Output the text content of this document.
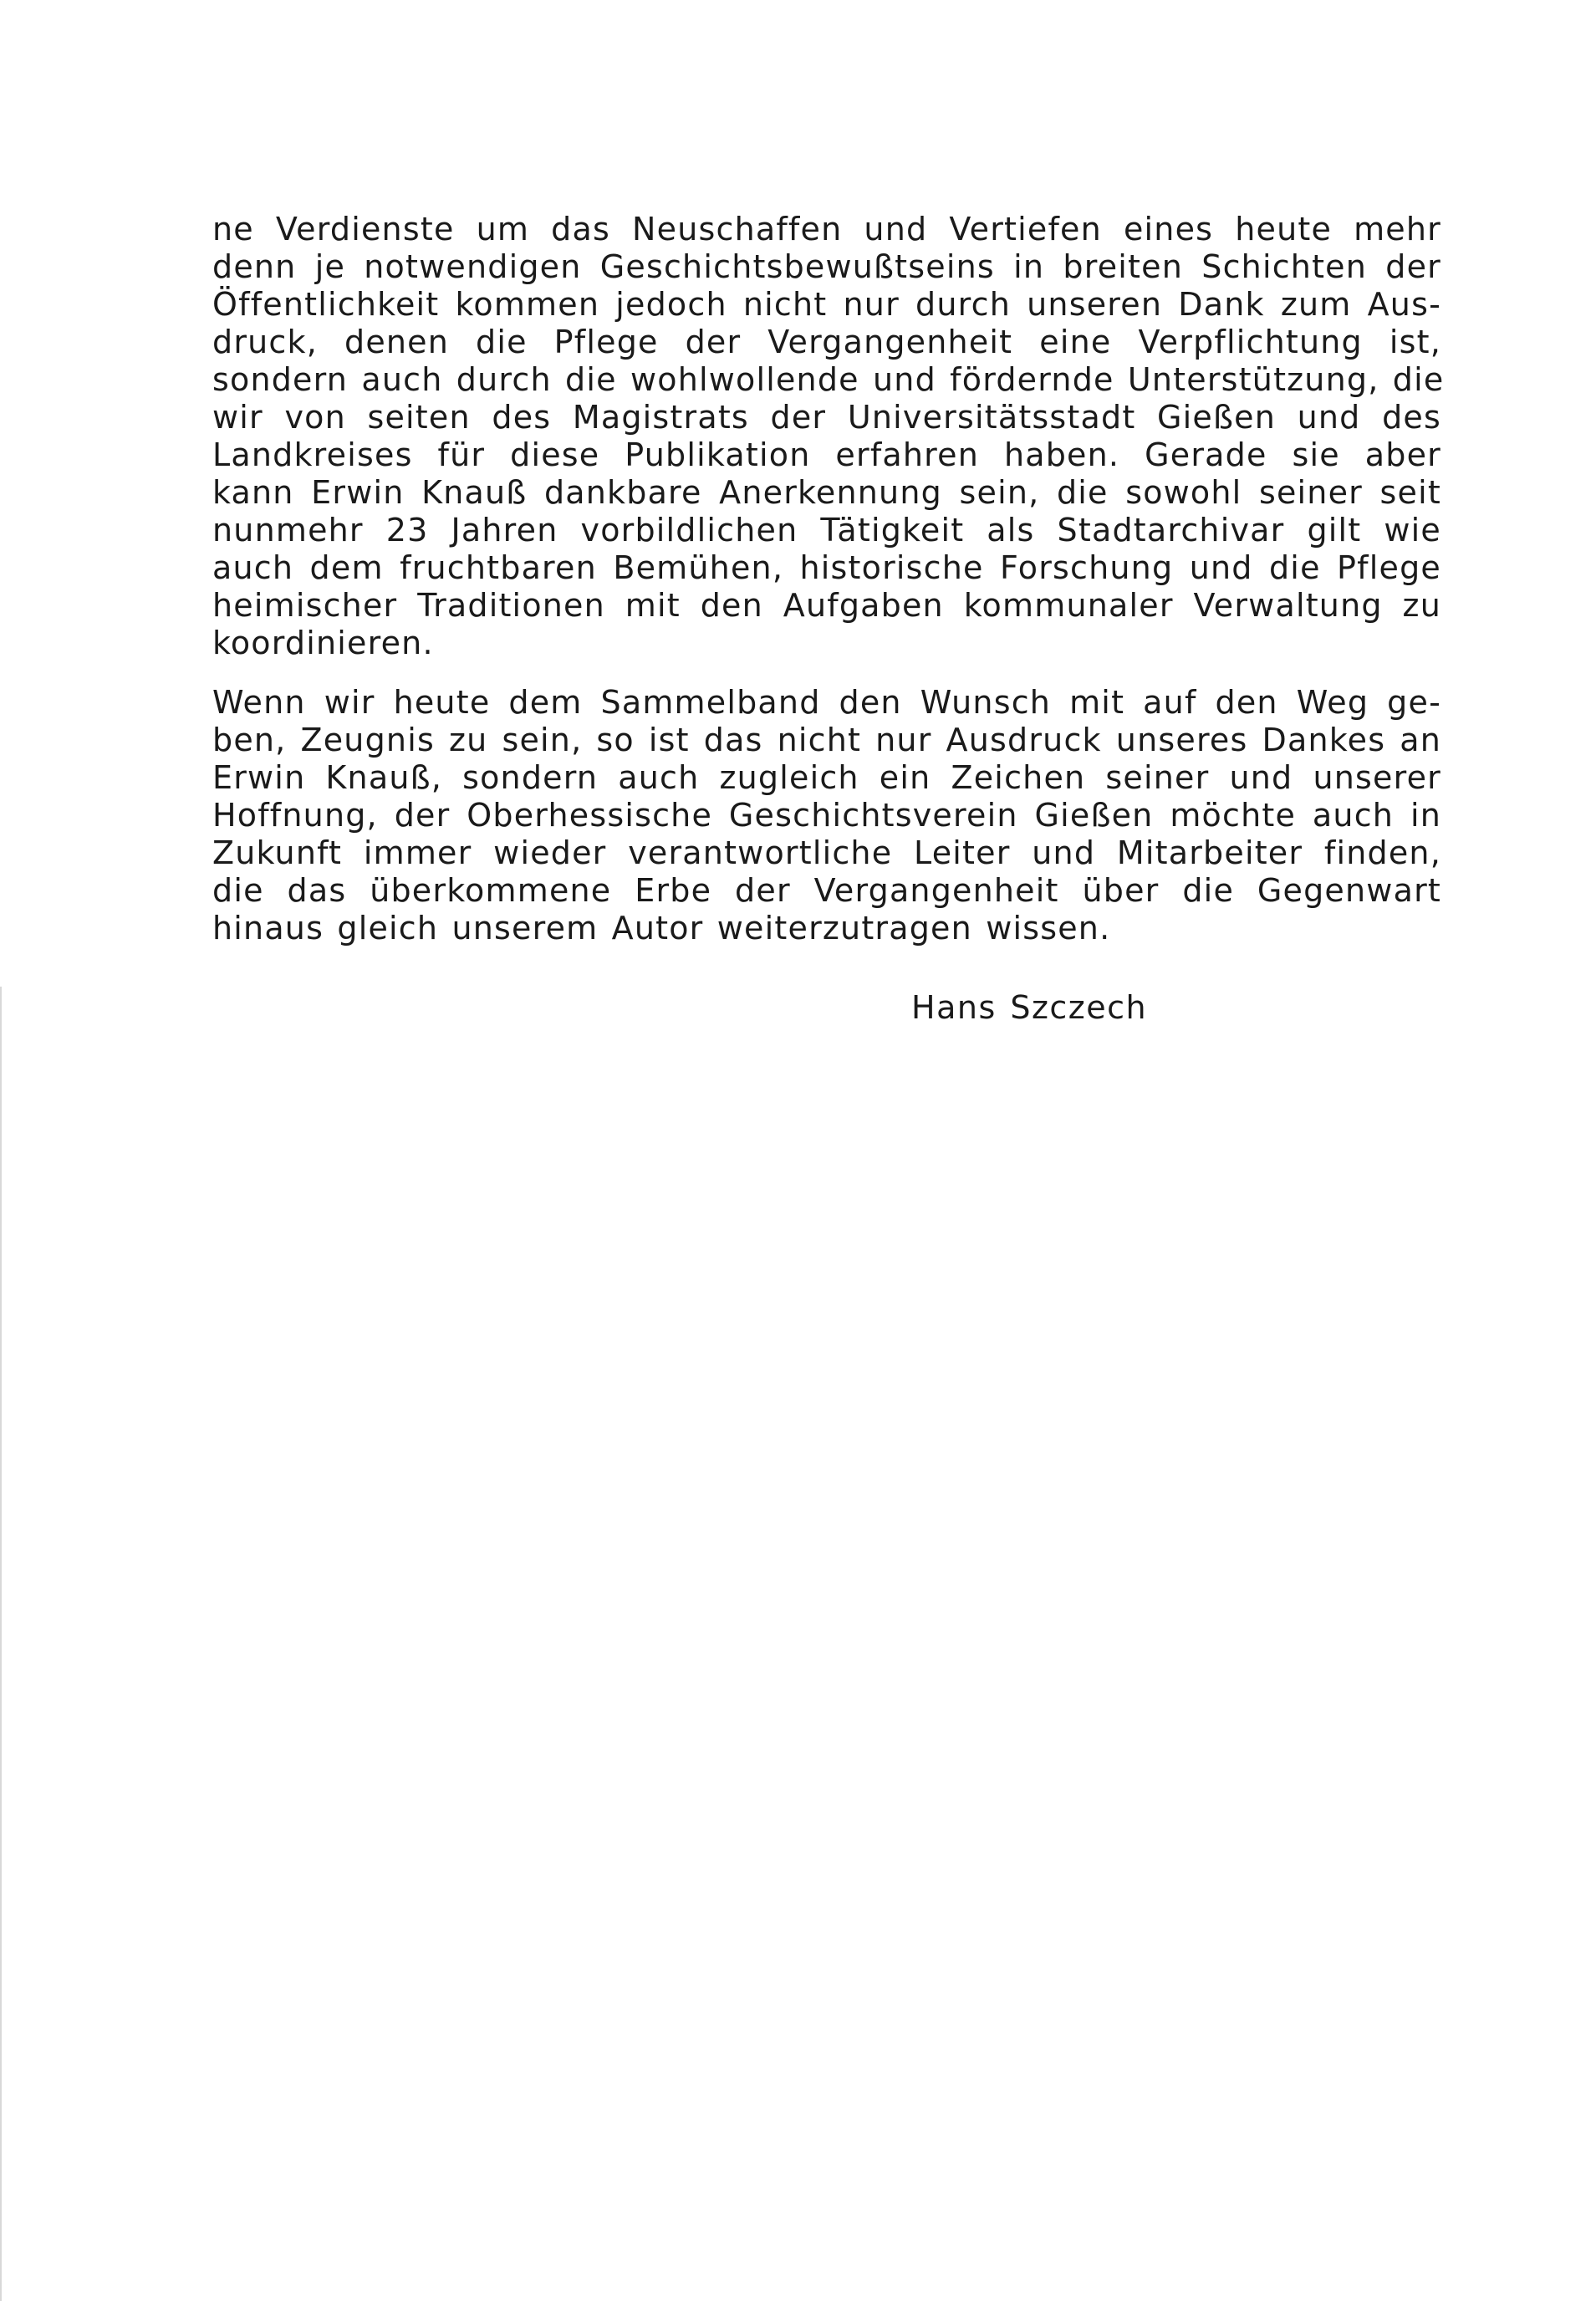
ne Verdienste um das Neuschaffen und Vertiefen eines heute mehr
denn je notwendigen Geschichtsbewußtseins in breiten Schichten der
Öffentlichkeit kommen jedoch nicht nur durch unseren Dank zum Aus-
druck, denen die Pflege der Vergangenheit eine Verpflichtung ist,
sondern auch durch die wohlwollende und fördernde Unterstützung, die
wir von seiten des Magistrats der Universitätsstadt Gießen und des
Landkreises für diese Publikation erfahren haben. Gerade sie aber
kann Erwin Knauß dankbare Anerkennung sein, die sowohl seiner seit
nunmehr 23 Jahren vorbildlichen Tätigkeit als Stadtarchivar gilt wie
auch dem fruchtbaren Bemühen, historische Forschung und die Pflege
heimischer Traditionen mit den Aufgaben kommunaler Verwaltung zu
koordinieren.
Wenn wir heute dem Sammelband den Wunsch mit auf den Weg ge-
ben, Zeugnis zu sein, so ist das nicht nur Ausdruck unseres Dankes an
Erwin Knauß, sondern auch zugleich ein Zeichen seiner und unserer
Hoffnung, der Oberhessische Geschichtsverein Gießen möchte auch in
Zukunft immer wieder verantwortliche Leiter und Mitarbeiter finden,
die das überkommene Erbe der Vergangenheit über die Gegenwart
hinaus gleich unserem Autor weiterzutragen wissen.
Hans Szczech
